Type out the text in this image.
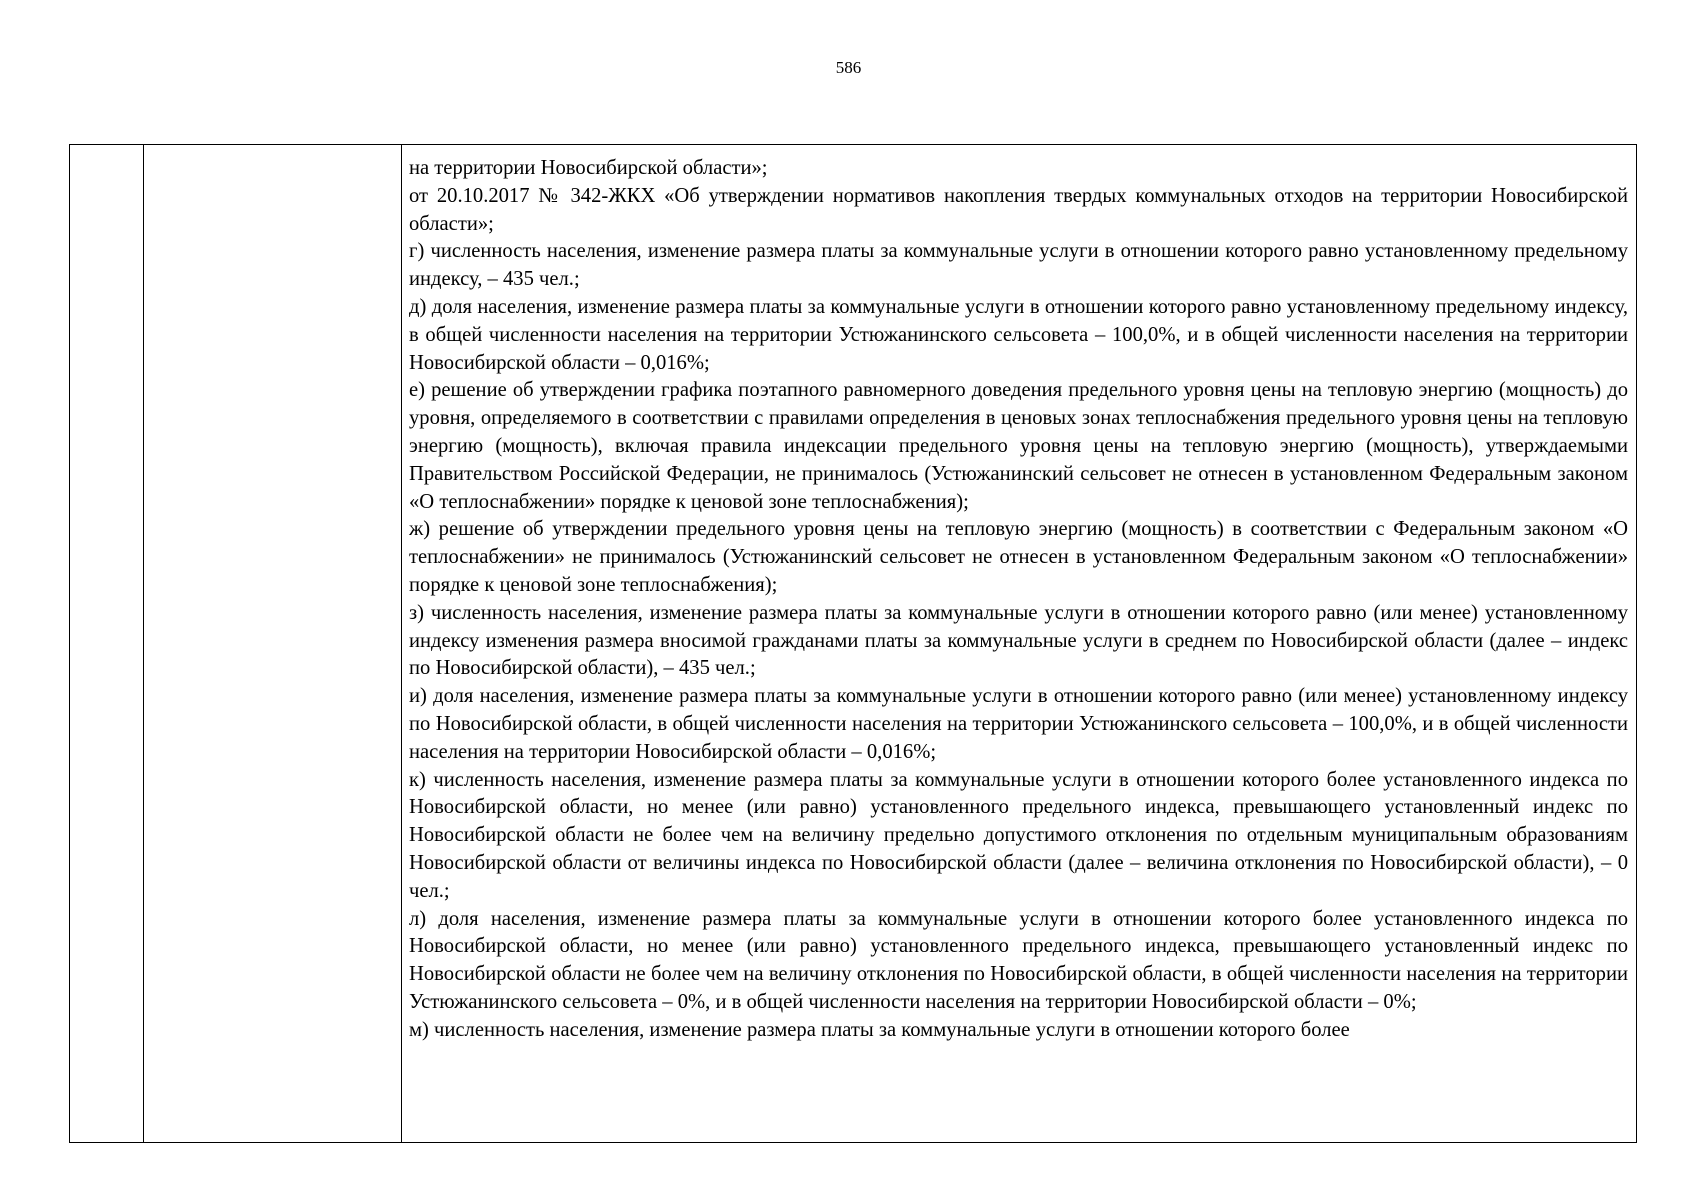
586

на территории Новосибирской области»;

от 20.10.2017 № 342-ЖКХ «Об утверждении нормативов накопления твердых коммунальных отходов на территории Новосибирской области»;

г) численность населения, изменение размера платы за коммунальные услуги в отношении которого равно установленному предельному индексу, – 435 чел.;

д) доля населения, изменение размера платы за коммунальные услуги в отношении которого равно установленному предельному индексу, в общей численности населения на территории Устюжанинского сельсовета – 100,0%, и в общей численности населения на территории Новосибирской области – 0,016%;

е) решение об утверждении графика поэтапного равномерного доведения предельного уровня цены на тепловую энергию (мощность) до уровня, определяемого в соответствии с правилами определения в ценовых зонах теплоснабжения предельного уровня цены на тепловую энергию (мощность), включая правила индексации предельного уровня цены на тепловую энергию (мощность), утверждаемыми Правительством Российской Федерации, не принималось (Устюжанинский сельсовет не отнесен в установленном Федеральным законом «О теплоснабжении» порядке к ценовой зоне теплоснабжения);

ж) решение об утверждении предельного уровня цены на тепловую энергию (мощность) в соответствии с Федеральным законом «О теплоснабжении» не принималось (Устюжанинский сельсовет не отнесен в установленном Федеральным законом «О теплоснабжении» порядке к ценовой зоне теплоснабжения);

з) численность населения, изменение размера платы за коммунальные услуги в отношении которого равно (или менее) установленному индексу изменения размера вносимой гражданами платы за коммунальные услуги в среднем по Новосибирской области (далее – индекс по Новосибирской области), – 435 чел.;

и) доля населения, изменение размера платы за коммунальные услуги в отношении которого равно (или менее) установленному индексу по Новосибирской области, в общей численности населения на территории Устюжанинского сельсовета – 100,0%, и в общей численности населения на территории Новосибирской области – 0,016%;

к) численность населения, изменение размера платы за коммунальные услуги в отношении которого более установленного индекса по Новосибирской области, но менее (или равно) установленного предельного индекса, превышающего установленный индекс по Новосибирской области не более чем на величину предельно допустимого отклонения по отдельным муниципальным образованиям Новосибирской области от величины индекса по Новосибирской области (далее – величина отклонения по Новосибирской области), – 0 чел.;

л) доля населения, изменение размера платы за коммунальные услуги в отношении которого более установленного индекса по Новосибирской области, но менее (или равно) установленного предельного индекса, превышающего установленный индекс по Новосибирской области не более чем на величину отклонения по Новосибирской области, в общей численности населения на территории Устюжанинского сельсовета – 0%, и в общей численности населения на территории Новосибирской области – 0%;

м) численность населения, изменение размера платы за коммунальные услуги в отношении которого более
